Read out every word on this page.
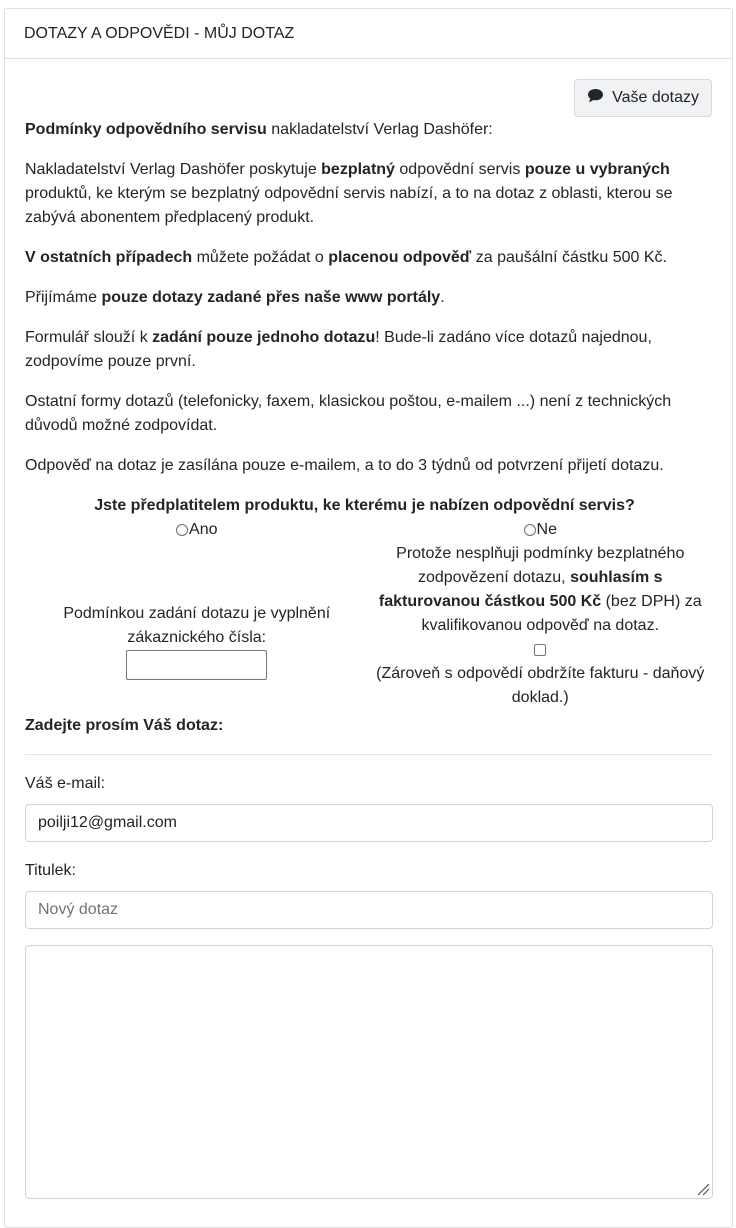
DOTAZY A ODPOVĚDI - MŮJ DOTAZ
Vaše dotazy

Podmínky odpovědního servisu nakladatelství Verlag Dashöfer:

Nakladatelství Verlag Dashöfer poskytuje bezplatný odpovědní servis pouze u vybraných produktů, ke kterým se bezplatný odpovědní servis nabízí, a to na dotaz z oblasti, kterou se zabývá abonentem předplacený produkt.

V ostatních případech můžete požádat o placenou odpověď za paušální částku 500 Kč.

Přijímáme pouze dotazy zadané přes naše www portály.

Formulář slouží k zadání pouze jednoho dotazu! Bude-li zadáno více dotazů najednou, zodpovíme pouze první.

Ostatní formy dotazů (telefonicky, faxem, klasickou poštou, e-mailem ...) není z technických důvodů možné zodpovídat.

Odpověď na dotaz je zasílána pouze e-mailem, a to do 3 týdnů od potvrzení přijetí dotazu.

Jste předplatitelem produktu, ke kterému je nabízen odpovědní servis?
Ano
Podmínkou zadání dotazu je vyplnění zákaznického čísla:
Ne
Protože nesplňuji podmínky bezplatného zodpovězení dotazu, souhlasím s fakturovanou částkou 500 Kč (bez DPH) za kvalifikovanou odpověď na dotaz.
(Zároveň s odpovědí obdržíte fakturu - daňový doklad.)
Zadejte prosím Váš dotaz:
Váš e-mail:
poilji12@gmail.com
Titulek:
Nový dotaz
